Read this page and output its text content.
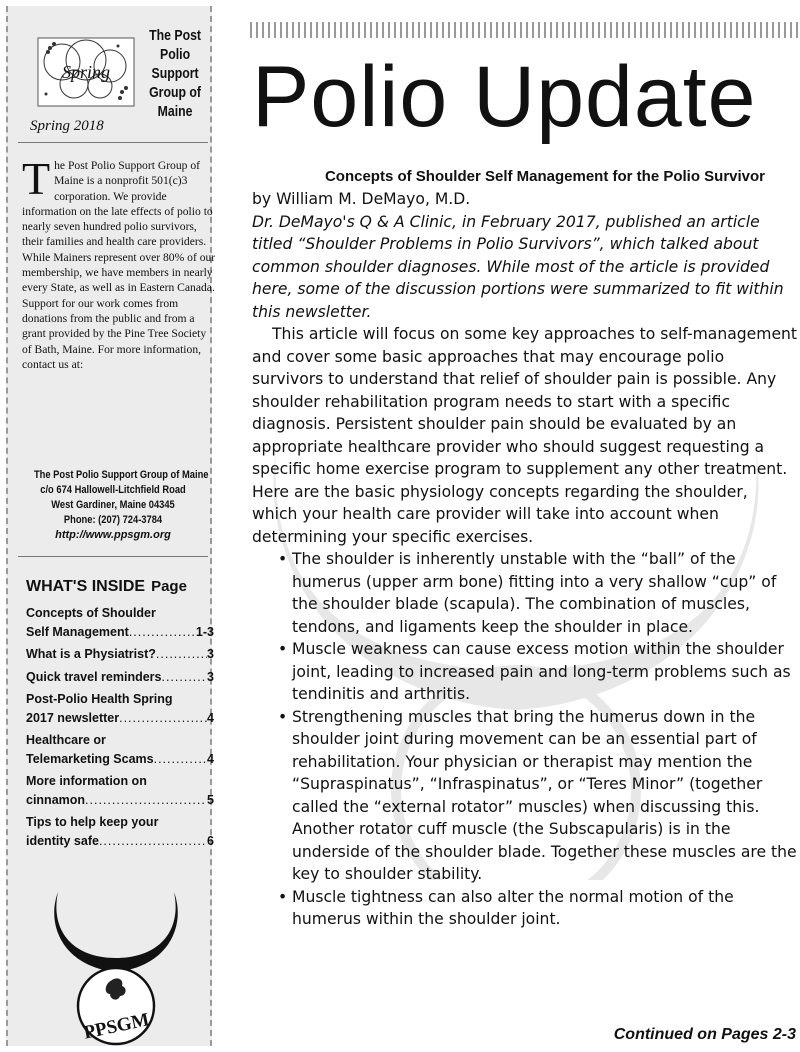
Spring
The Post
Polio
Support
Group of
Maine
Spring 2018
T he Post Polio Support Group of Maine is a nonprofit 501(c)3 corporation. We provide information on the late effects of polio to nearly seven hundred polio survivors, their families and health care providers. While Mainers represent over 80% of our membership, we have members in nearly every State, as well as in Eastern Canada. Support for our work comes from donations from the public and from a grant provided by the Pine Tree Society of Bath, Maine. For more information, contact us at:

The Post Polio Support Group of Maine
c/o 674 Hallowell-Litchfield Road
West Gardiner, Maine 04345
Phone: (207) 724-3784
http://www.ppsgm.org
WHAT'S INSIDE Page
Concepts of Shoulder
Self Management .....	1-3
What is a Physiatrist? .....	3
Quick travel reminders .....	3
Post-Polio Health Spring
2017 newsletter .....	4
Healthcare or
Telemarketing Scams .....	4
More information on
cinnamon .....	5
Tips to help keep your
identity safe .....	6
PPSGM
Polio Update
Concepts of Shoulder Self Management for the Polio Survivor
by William M. DeMayo, M.D.

Dr. DeMayo's Q & A Clinic, in February 2017, published an article titled “Shoulder Problems in Polio Survivors”, which talked about common shoulder diagnoses. While most of the article is provided here, some of the discussion portions were summarized to fit within this newsletter.

This article will focus on some key approaches to self-management and cover some basic approaches that may encourage polio survivors to understand that relief of shoulder pain is possible. Any shoulder rehabilitation program needs to start with a specific diagnosis. Persistent shoulder pain should be evaluated by an appropriate healthcare provider who should suggest requesting a specific home exercise program to supplement any other treatment. Here are the basic physiology concepts regarding the shoulder, which your health care provider will take into account when determining your specific exercises.

• The shoulder is inherently unstable with the “ball” of the humerus (upper arm bone) fitting into a very shallow “cup” of the shoulder blade (scapula). The combination of muscles, tendons, and ligaments keep the shoulder in place.
• Muscle weakness can cause excess motion within the shoulder joint, leading to increased pain and long-term problems such as tendinitis and arthritis.
• Strengthening muscles that bring the humerus down in the shoulder joint during movement can be an essential part of rehabilitation. Your physician or therapist may mention the “Supraspinatus”, “Infraspinatus”, or “Teres Minor” (together called the “external rotator” muscles) when discussing this. Another rotator cuff muscle (the Subscapularis) is in the underside of the shoulder blade. Together these muscles are the key to shoulder stability.
• Muscle tightness can also alter the normal motion of the humerus within the shoulder joint.
Continued on Pages 2-3
